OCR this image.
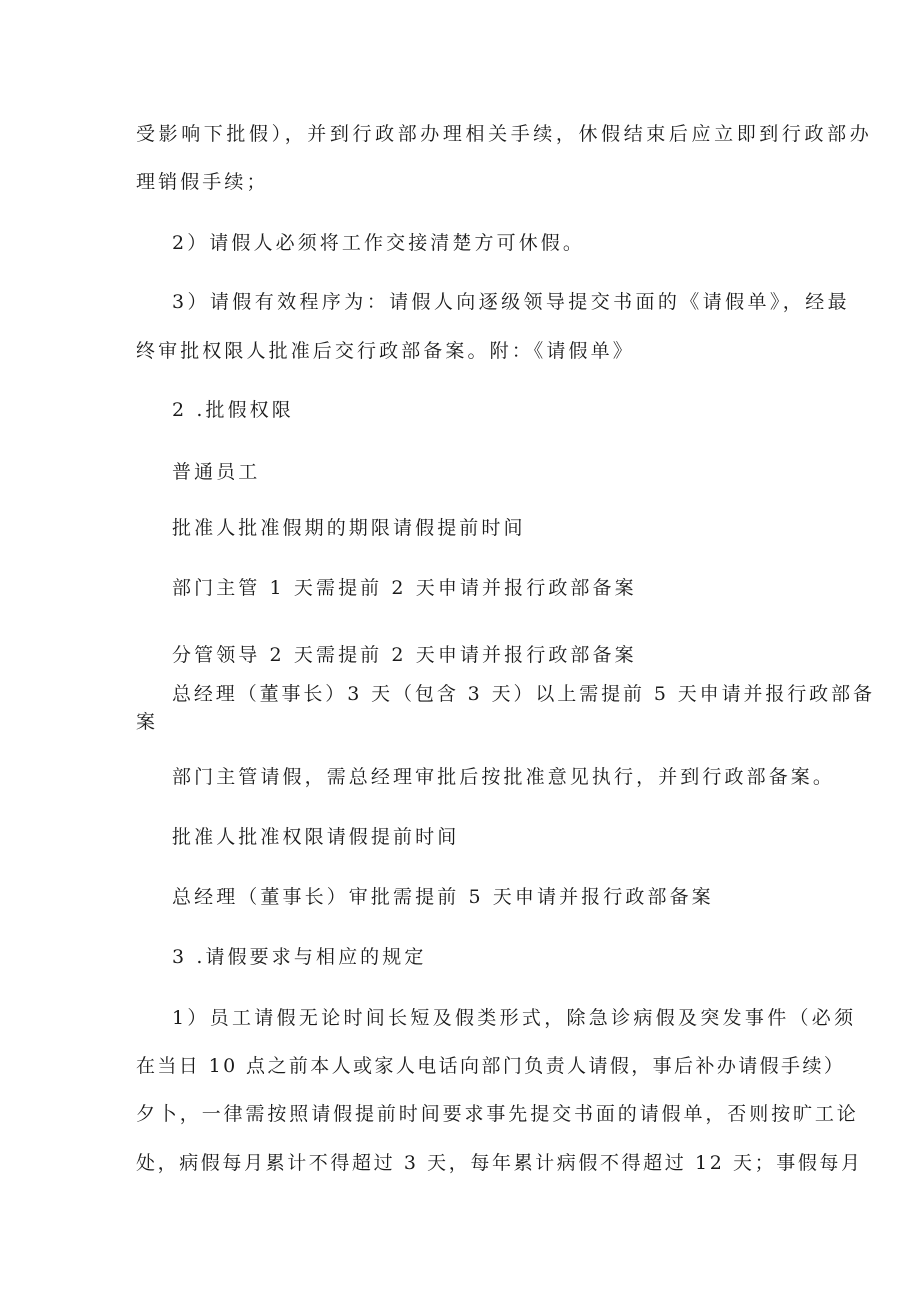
受影响下批假），并到行政部办理相关手续，休假结束后应立即到行政部办
理销假手续；
2）请假人必须将工作交接清楚方可休假。
3）请假有效程序为：请假人向逐级领导提交书面的《请假单》，经最
终审批权限人批准后交行政部备案。附：《请假单》
2 .批假权限
普通员工
批准人批准假期的期限请假提前时间
部门主管 1 天需提前 2 天申请并报行政部备案
分管领导 2 天需提前 2 天申请并报行政部备案
总经理（董事长）3 天（包含 3 天）以上需提前 5 天申请并报行政部备
案
部门主管请假，需总经理审批后按批准意见执行，并到行政部备案。
批准人批准权限请假提前时间
总经理（董事长）审批需提前 5 天申请并报行政部备案
3 .请假要求与相应的规定
1）员工请假无论时间长短及假类形式，除急诊病假及突发事件（必须
在当日 10 点之前本人或家人电话向部门负责人请假，事后补办请假手续）
夕卜，一律需按照请假提前时间要求事先提交书面的请假单，否则按旷工论
处，病假每月累计不得超过 3 天，每年累计病假不得超过 12 天；事假每月
